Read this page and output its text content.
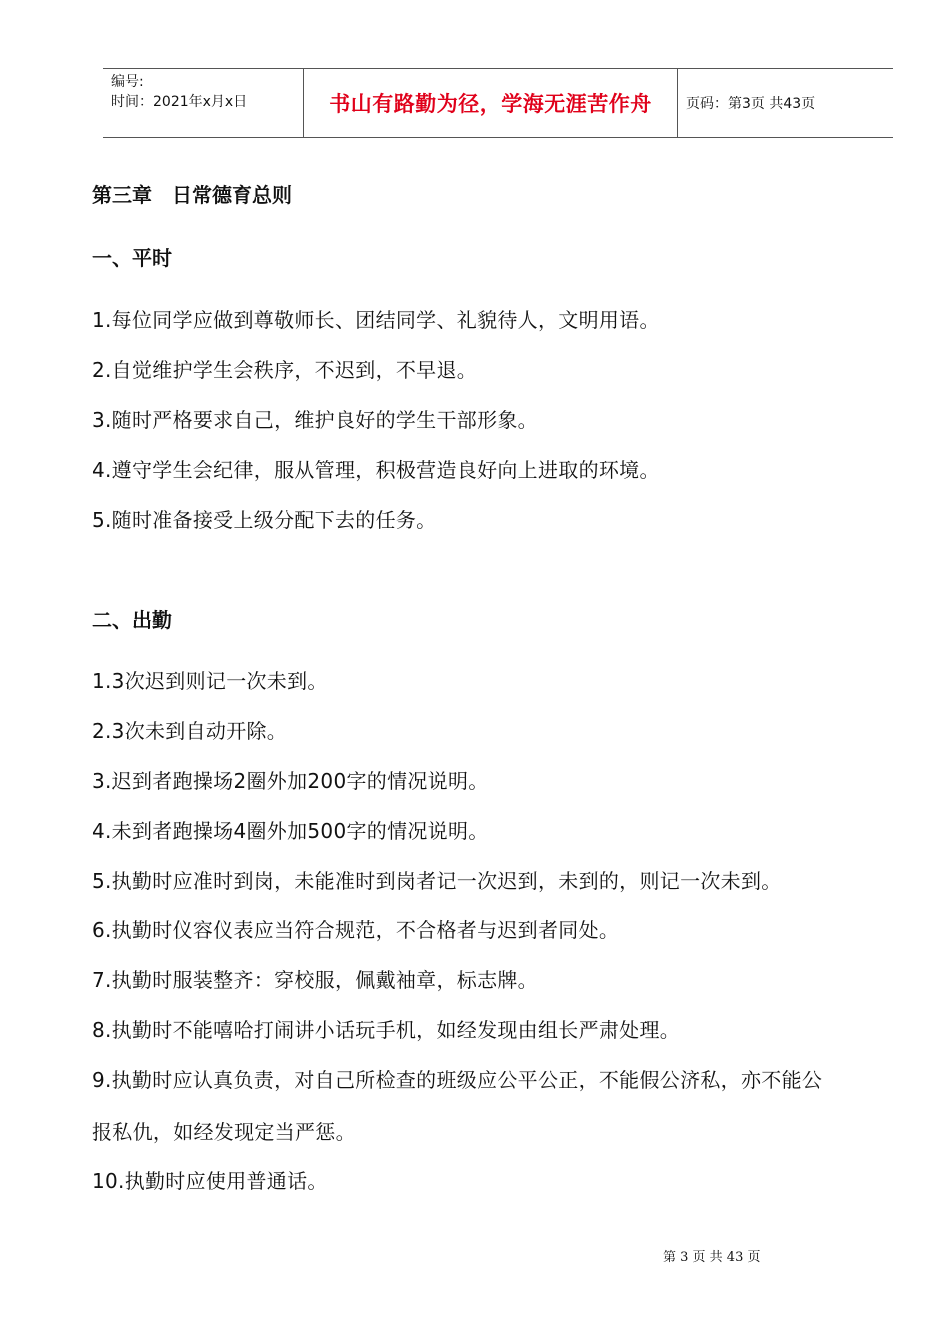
编号:
时间：2021年x月x日	书山有路勤为径，学海无涯苦作舟 页码：第3页 共43页
第三章　日常德育总则
一、平时
1.每位同学应做到尊敬师长、团结同学、礼貌待人，文明用语。
2.自觉维护学生会秩序，不迟到，不早退。
3.随时严格要求自己，维护良好的学生干部形象。
4.遵守学生会纪律，服从管理，积极营造良好向上进取的环境。
5.随时准备接受上级分配下去的任务。
二、出勤
1.3次迟到则记一次未到。
2.3次未到自动开除。
3.迟到者跑操场2圈外加200字的情况说明。
4.未到者跑操场4圈外加500字的情况说明。
5.执勤时应准时到岗，未能准时到岗者记一次迟到，未到的，则记一次未到。
6.执勤时仪容仪表应当符合规范，不合格者与迟到者同处。
7.执勤时服装整齐：穿校服，佩戴袖章，标志牌。
8.执勤时不能嘻哈打闹讲小话玩手机，如经发现由组长严肃处理。
9.执勤时应认真负责，对自己所检查的班级应公平公正，不能假公济私，亦不能公
报私仇，如经发现定当严惩。
10.执勤时应使用普通话。
第 3 页 共 43 页
